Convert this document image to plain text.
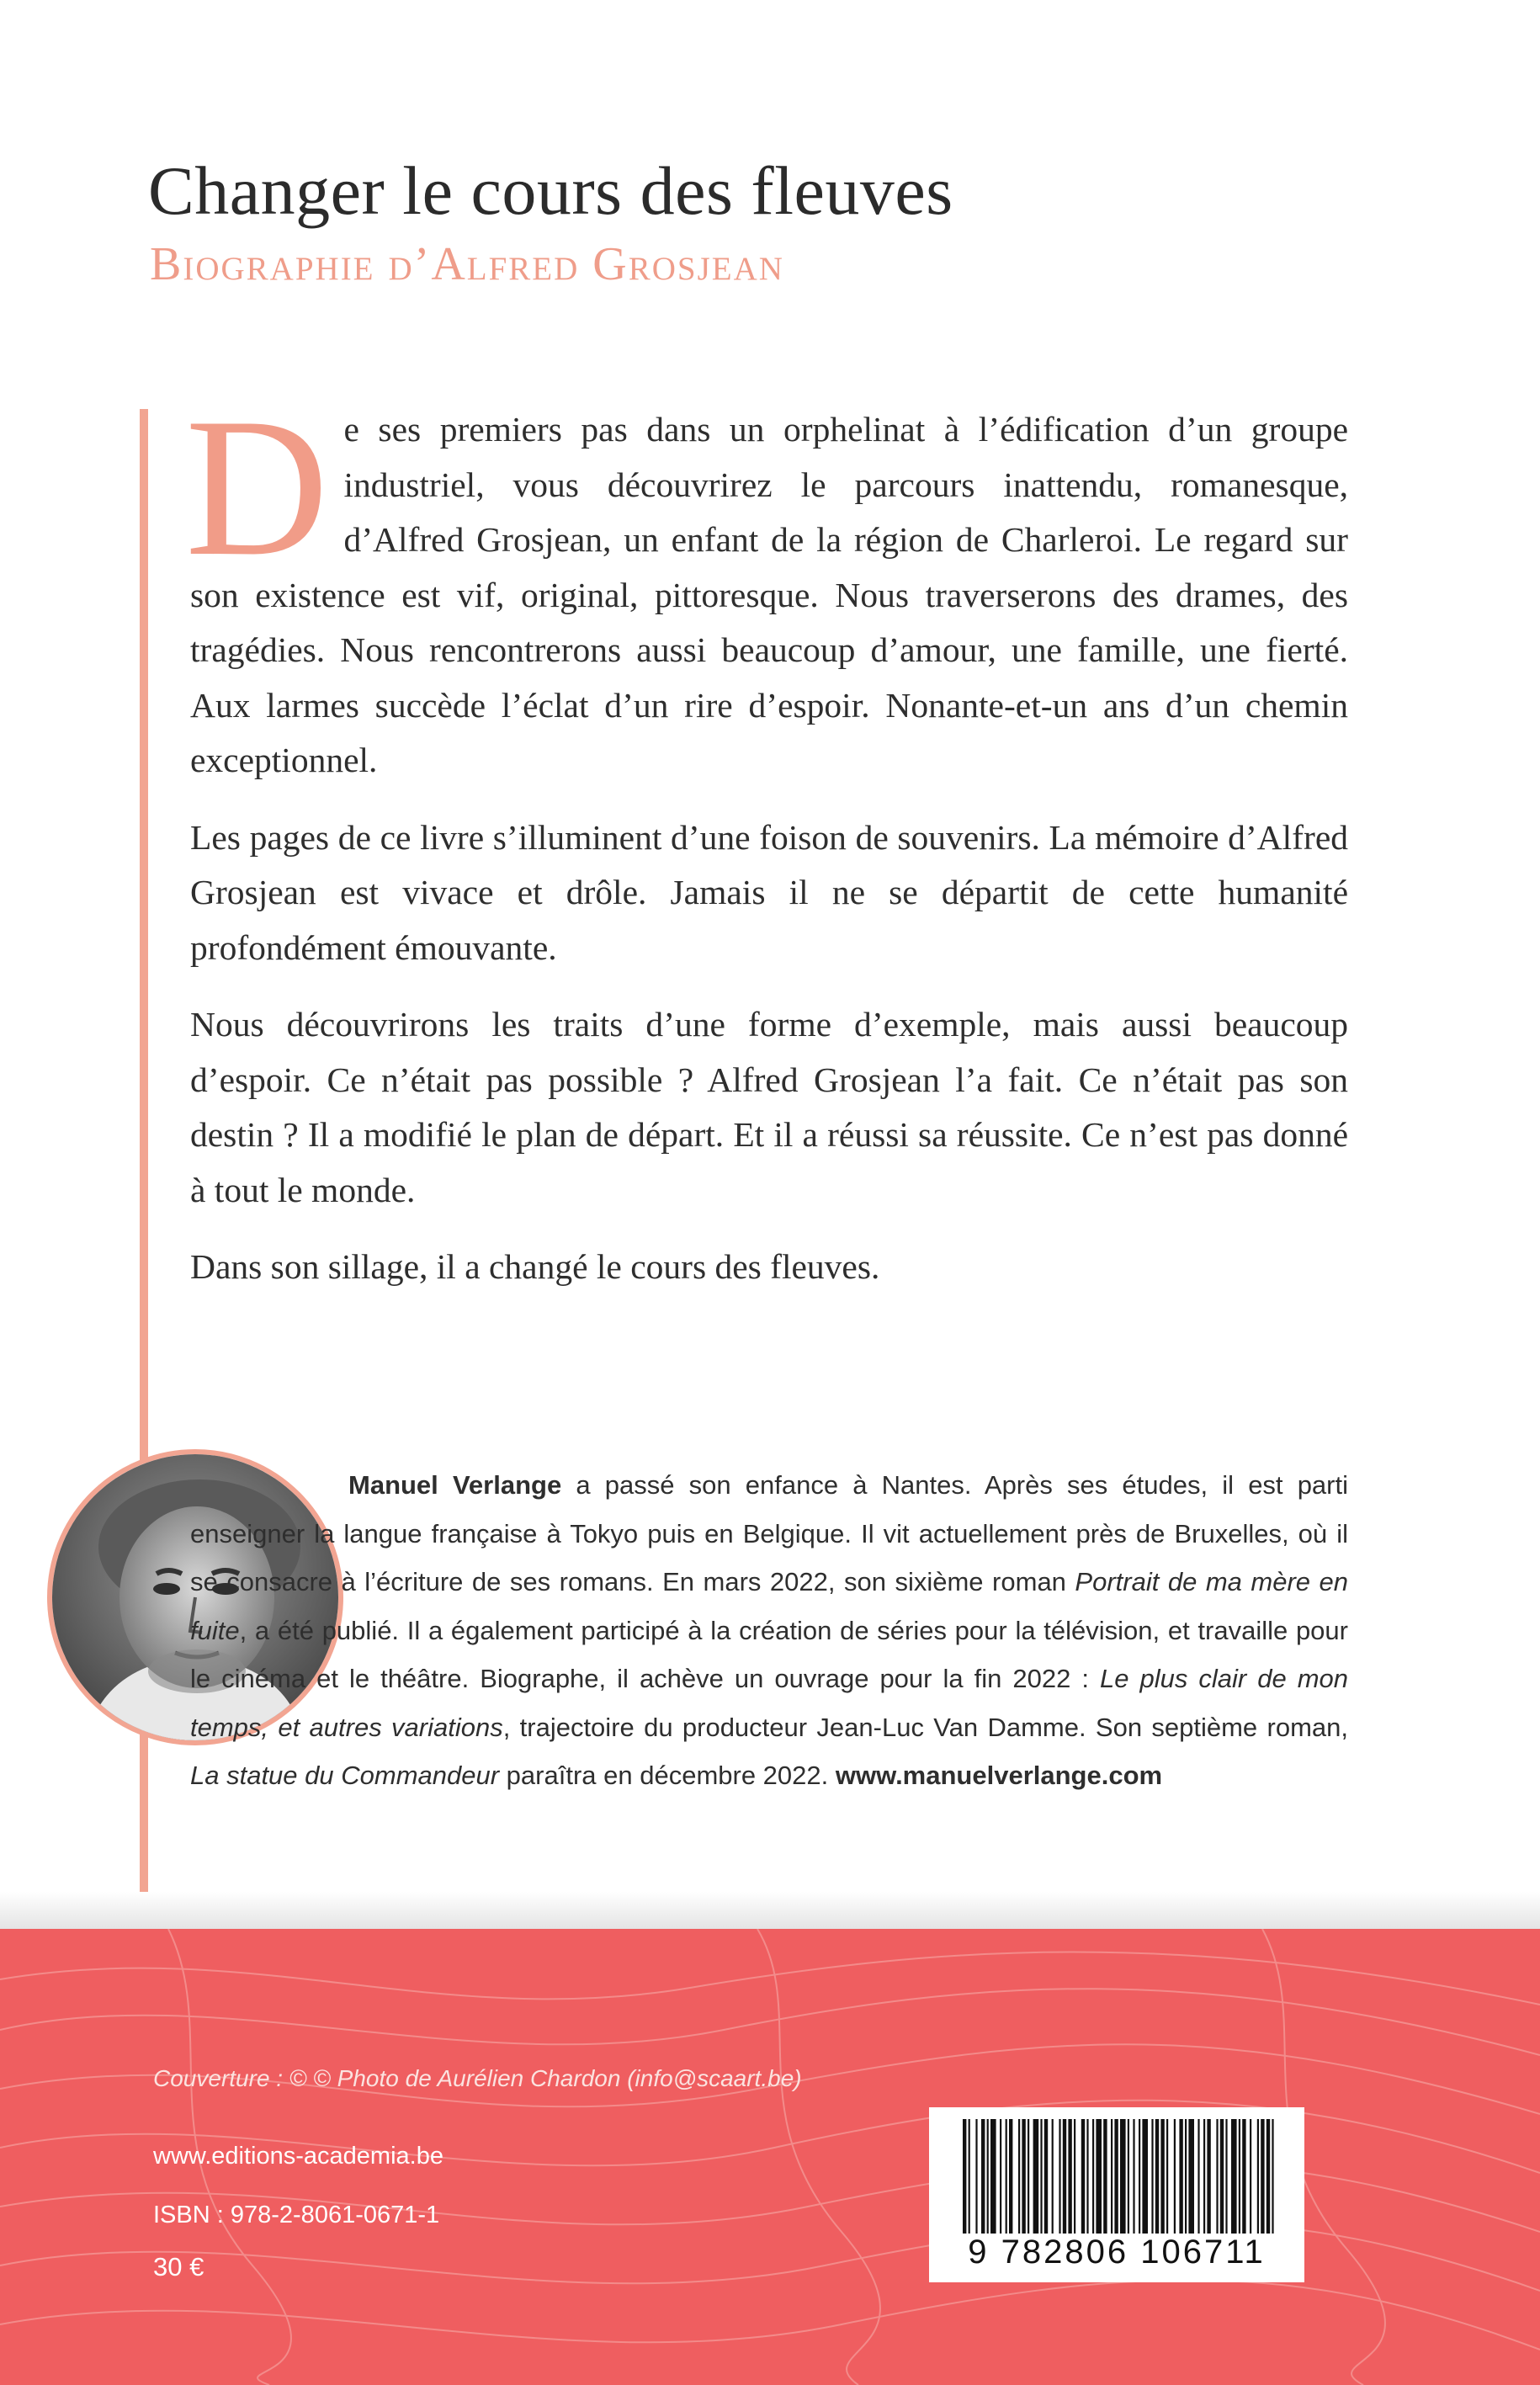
Changer le cours des fleuves
Biographie d’Alfred Grosjean

De ses premiers pas dans un orphelinat à l’édification d’un groupe industriel, vous découvrirez le parcours inattendu, romanesque, d’Alfred Grosjean, un enfant de la région de Charleroi. Le regard sur son existence est vif, original, pittoresque. Nous traverserons des drames, des tragédies. Nous rencontrerons aussi beaucoup d’amour, une famille, une fierté. Aux larmes succède l’éclat d’un rire d’espoir. Nonante-et-un ans d’un chemin exceptionnel.

Les pages de ce livre s’illuminent d’une foison de souvenirs. La mémoire d’Alfred Grosjean est vivace et drôle. Jamais il ne se départit de cette humanité profondément émouvante.

Nous découvrirons les traits d’une forme d’exemple, mais aussi beaucoup d’espoir. Ce n’était pas possible ? Alfred Grosjean l’a fait. Ce n’était pas son destin ? Il a modifié le plan de départ. Et il a réussi sa réussite. Ce n’est pas donné à tout le monde.

Dans son sillage, il a changé le cours des fleuves.

Manuel Verlange a passé son enfance à Nantes. Après ses études, il est parti enseigner la langue française à Tokyo puis en Belgique. Il vit actuellement près de Bruxelles, où il se consacre à l’écriture de ses romans. En mars 2022, son sixième roman Portrait de ma mère en fuite, a été publié. Il a également participé à la création de séries pour la télévision, et travaille pour le cinéma et le théâtre. Biographe, il achève un ouvrage pour la fin 2022 : Le plus clair de mon temps, et autres variations, trajectoire du producteur Jean-Luc Van Damme. Son septième roman, La statue du Commandeur paraîtra en décembre 2022. www.manuelverlange.com
Couverture : © © Photo de Aurélien Chardon (info@scaart.be)
www.editions-academia.be
ISBN : 978-2-8061-0671-1
30 €	9 782806 106711
